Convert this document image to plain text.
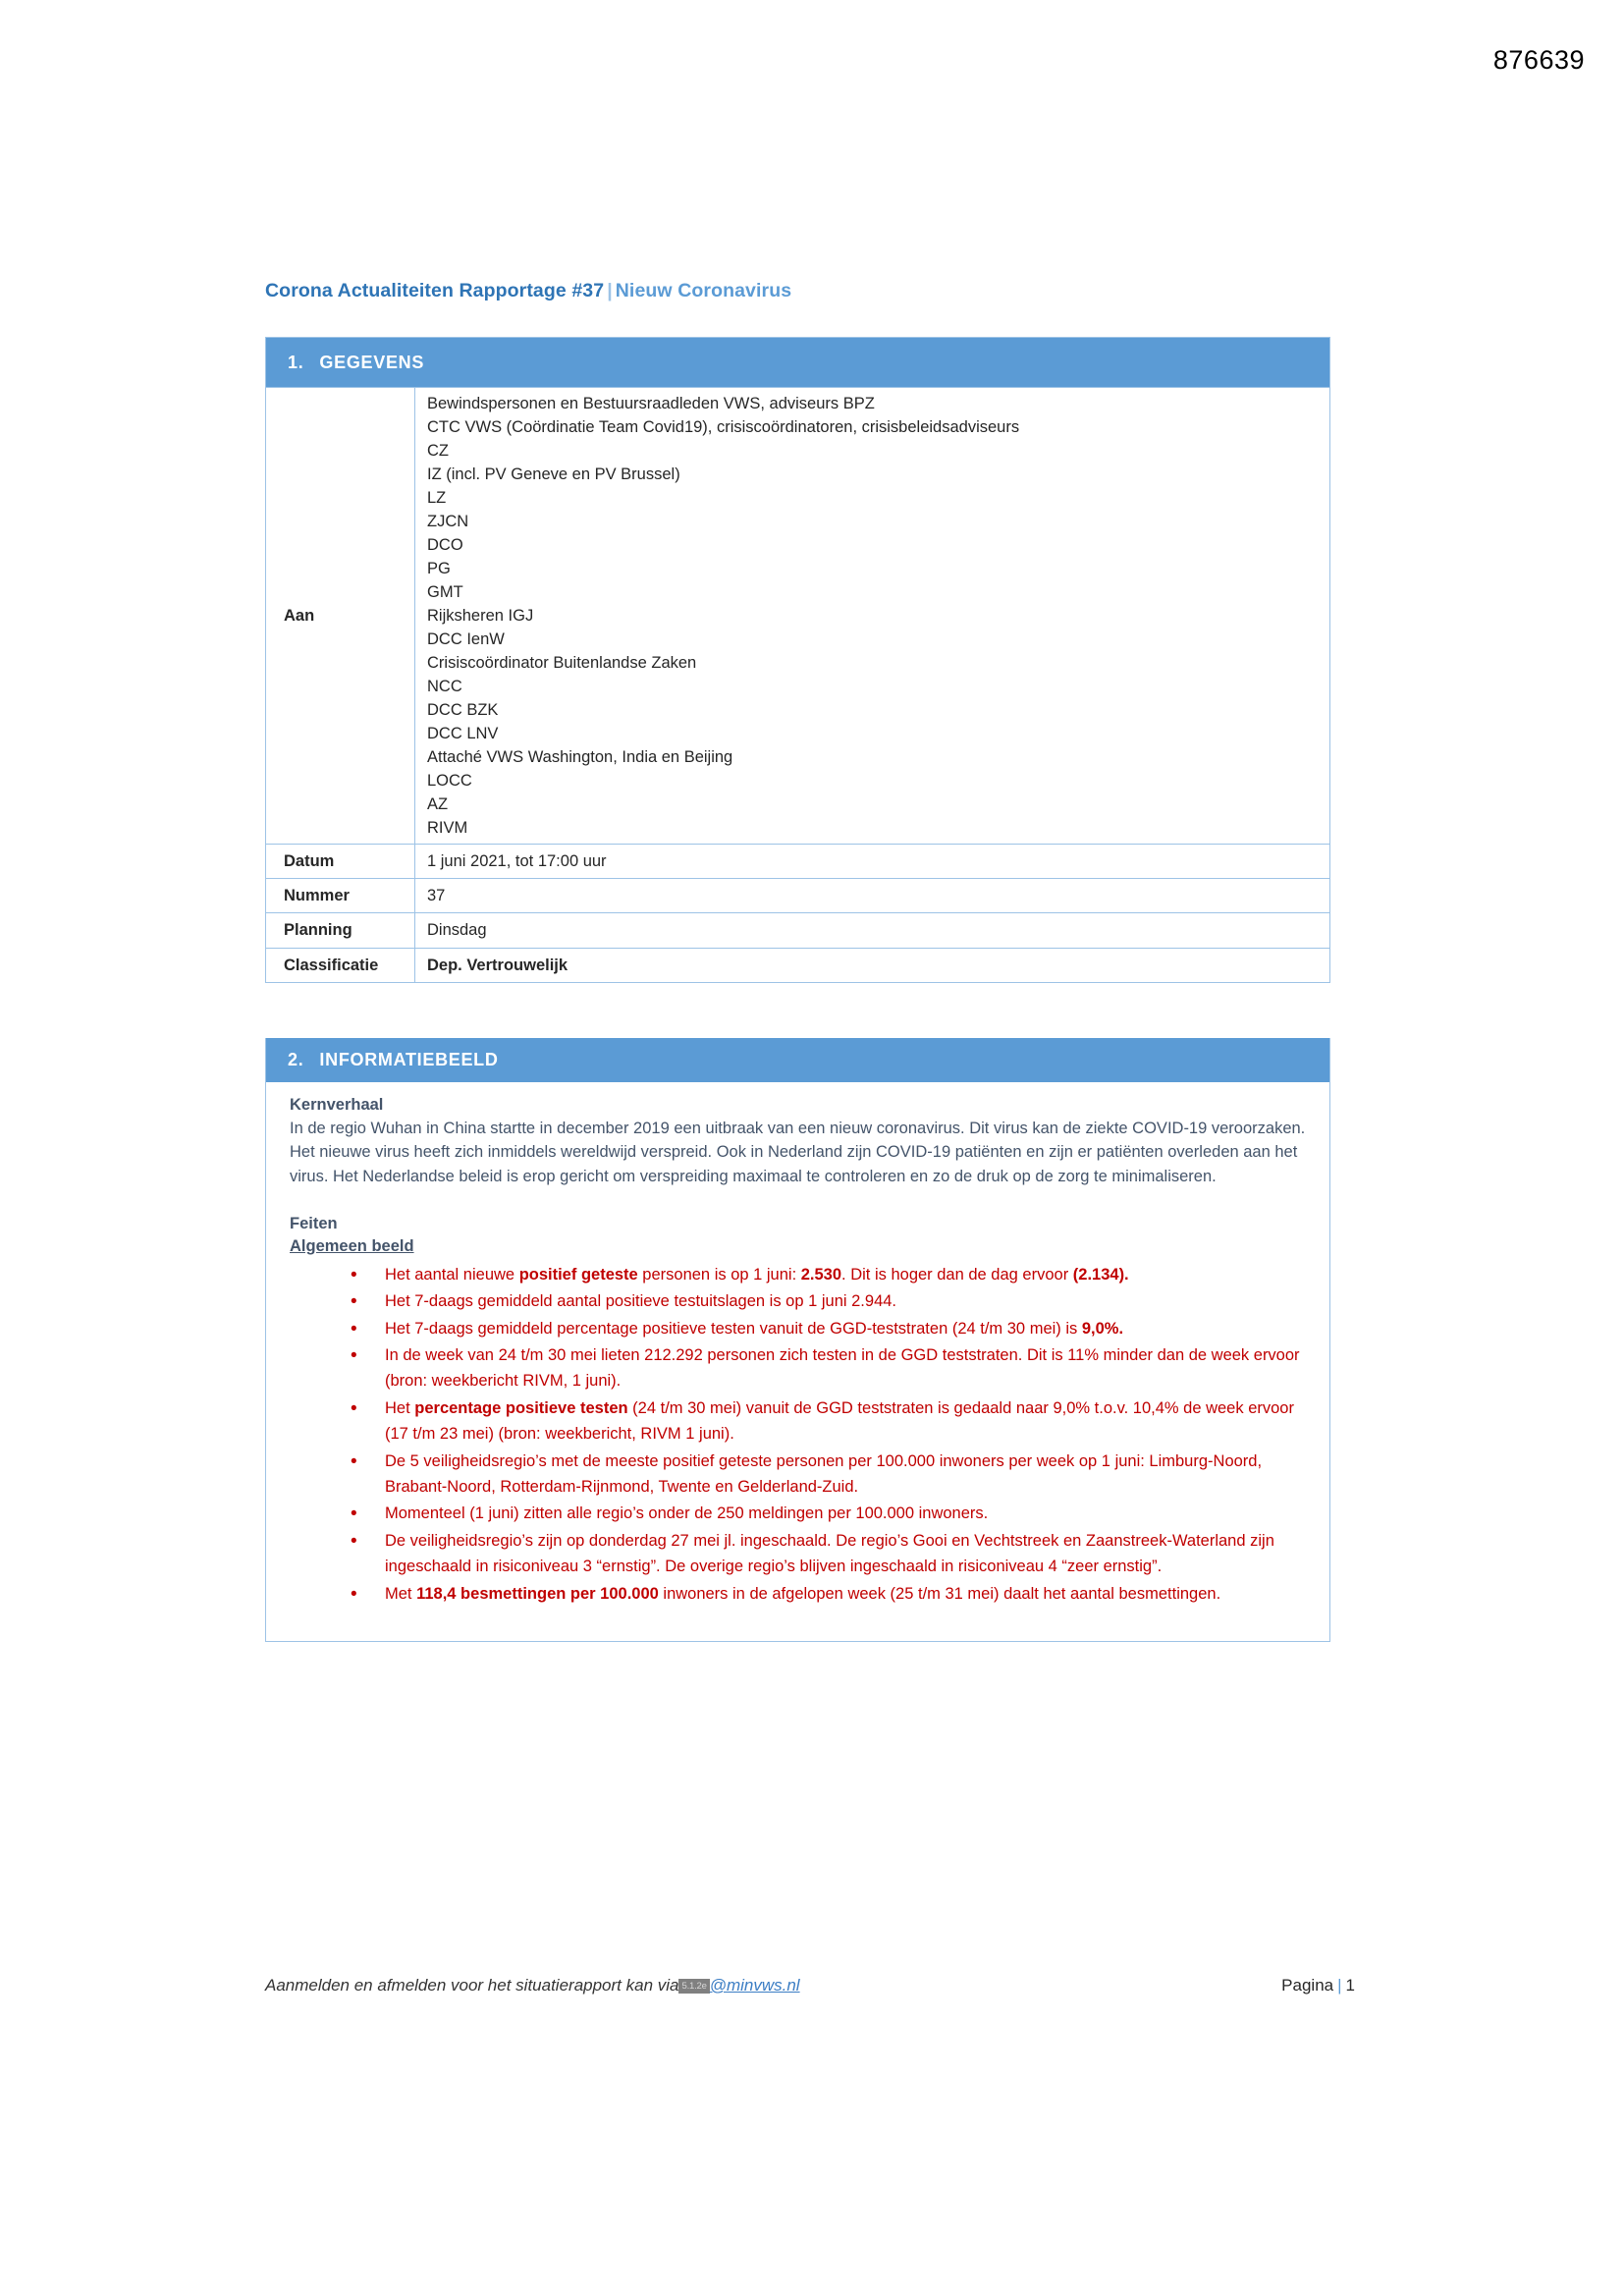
876639
Corona Actualiteiten Rapportage #37 | Nieuw Coronavirus
1. GEGEVENS	

Aan	
Bewindspersonen en Bestuursraadleden VWS, adviseurs BPZ
CTC VWS (Coördinatie Team Covid19), crisiscoördinatoren, crisisbeleidsadviseurs
CZ
IZ (incl. PV Geneve en PV Brussel)
LZ
ZJCN
DCO
PG
GMT
Rijksheren IGJ
DCC IenW
Crisiscoördinator Buitenlandse Zaken
NCC
DCC BZK
DCC LNV
Attaché VWS Washington, India en Beijing
LOCC
AZ
RIVM

Datum	1 juni 2021, tot 17:00 uur
Nummer	37
Planning	Dinsdag
Classificatie	Dep. Vertrouwelijk
2. INFORMATIEBEELD
Kernverhaal
In de regio Wuhan in China startte in december 2019 een uitbraak van een nieuw coronavirus. Dit virus kan de ziekte COVID-19 veroorzaken. Het nieuwe virus heeft zich inmiddels wereldwijd verspreid. Ook in Nederland zijn COVID-19 patiënten en zijn er patiënten overleden aan het virus. Het Nederlandse beleid is erop gericht om verspreiding maximaal te controleren en zo de druk op de zorg te minimaliseren.
Feiten
Algemeen beeld
• Het aantal nieuwe positief geteste personen is op 1 juni: 2.530. Dit is hoger dan de dag ervoor (2.134).
• Het 7-daags gemiddeld aantal positieve testuitslagen is op 1 juni 2.944.
• Het 7-daags gemiddeld percentage positieve testen vanuit de GGD-teststraten (24 t/m 30 mei) is 9,0%.
• In de week van 24 t/m 30 mei lieten 212.292 personen zich testen in de GGD teststraten. Dit is 11% minder dan de week ervoor (bron: weekbericht RIVM, 1 juni).
• Het percentage positieve testen (24 t/m 30 mei) vanuit de GGD teststraten is gedaald naar 9,0% t.o.v. 10,4% de week ervoor (17 t/m 23 mei) (bron: weekbericht, RIVM 1 juni).
• De 5 veiligheidsregio’s met de meeste positief geteste personen per 100.000 inwoners per week op 1 juni: Limburg-Noord, Brabant-Noord, Rotterdam-Rijnmond, Twente en Gelderland-Zuid.
• Momenteel (1 juni) zitten alle regio’s onder de 250 meldingen per 100.000 inwoners.
• De veiligheidsregio’s zijn op donderdag 27 mei jl. ingeschaald. De regio’s Gooi en Vechtstreek en Zaanstreek-Waterland zijn ingeschaald in risiconiveau 3 “ernstig”. De overige regio’s blijven ingeschaald in risiconiveau 4 “zeer ernstig”.
• Met 118,4 besmettingen per 100.000 inwoners in de afgelopen week (25 t/m 31 mei) daalt het aantal besmettingen.
Aanmelden en afmelden voor het situatierapport kan via 5.1.2e @minvws.nl	Pagina | 1
